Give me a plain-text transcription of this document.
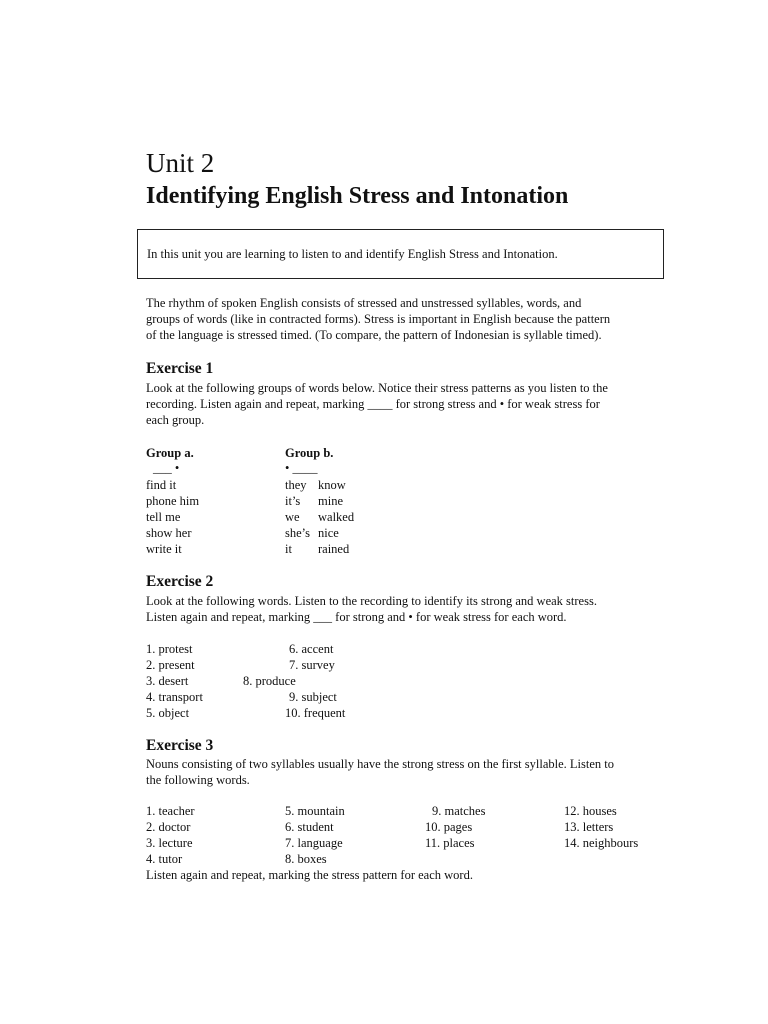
Unit 2
Identifying English Stress and Intonation
In this unit you are learning to listen to and identify English Stress and Intonation.
The rhythm of spoken English consists of stressed and unstressed syllables, words, and
groups of words (like in contracted forms). Stress is important in English because the pattern
of the language is stressed timed. (To compare, the pattern of Indonesian is syllable timed).
Exercise 1
Look at the following groups of words below. Notice their stress patterns as you listen to the
recording. Listen again and repeat, marking ____ for strong stress and • for weak stress for
each group.
Group a.
___ •
find it
phone him
tell me
show her
write it
Group b.
• ____
they know
it’s mine
we walked
she’s nice
it rained
Exercise 2
Look at the following words. Listen to the recording to identify its strong and weak stress.
Listen again and repeat, marking ___ for strong and • for weak stress for each word.
1. protest
2. present
3. desert
4. transport
5. object
6. accent
7. survey
8. produce
9. subject
10. frequent
Exercise 3
Nouns consisting of two syllables usually have the strong stress on the first syllable. Listen to
the following words.
1. teacher
2. doctor
3. lecture
4. tutor
5. mountain
6. student
7. language
8. boxes
9. matches
10. pages
11. places
12. houses
13. letters
14. neighbours
Listen again and repeat, marking the stress pattern for each word.
